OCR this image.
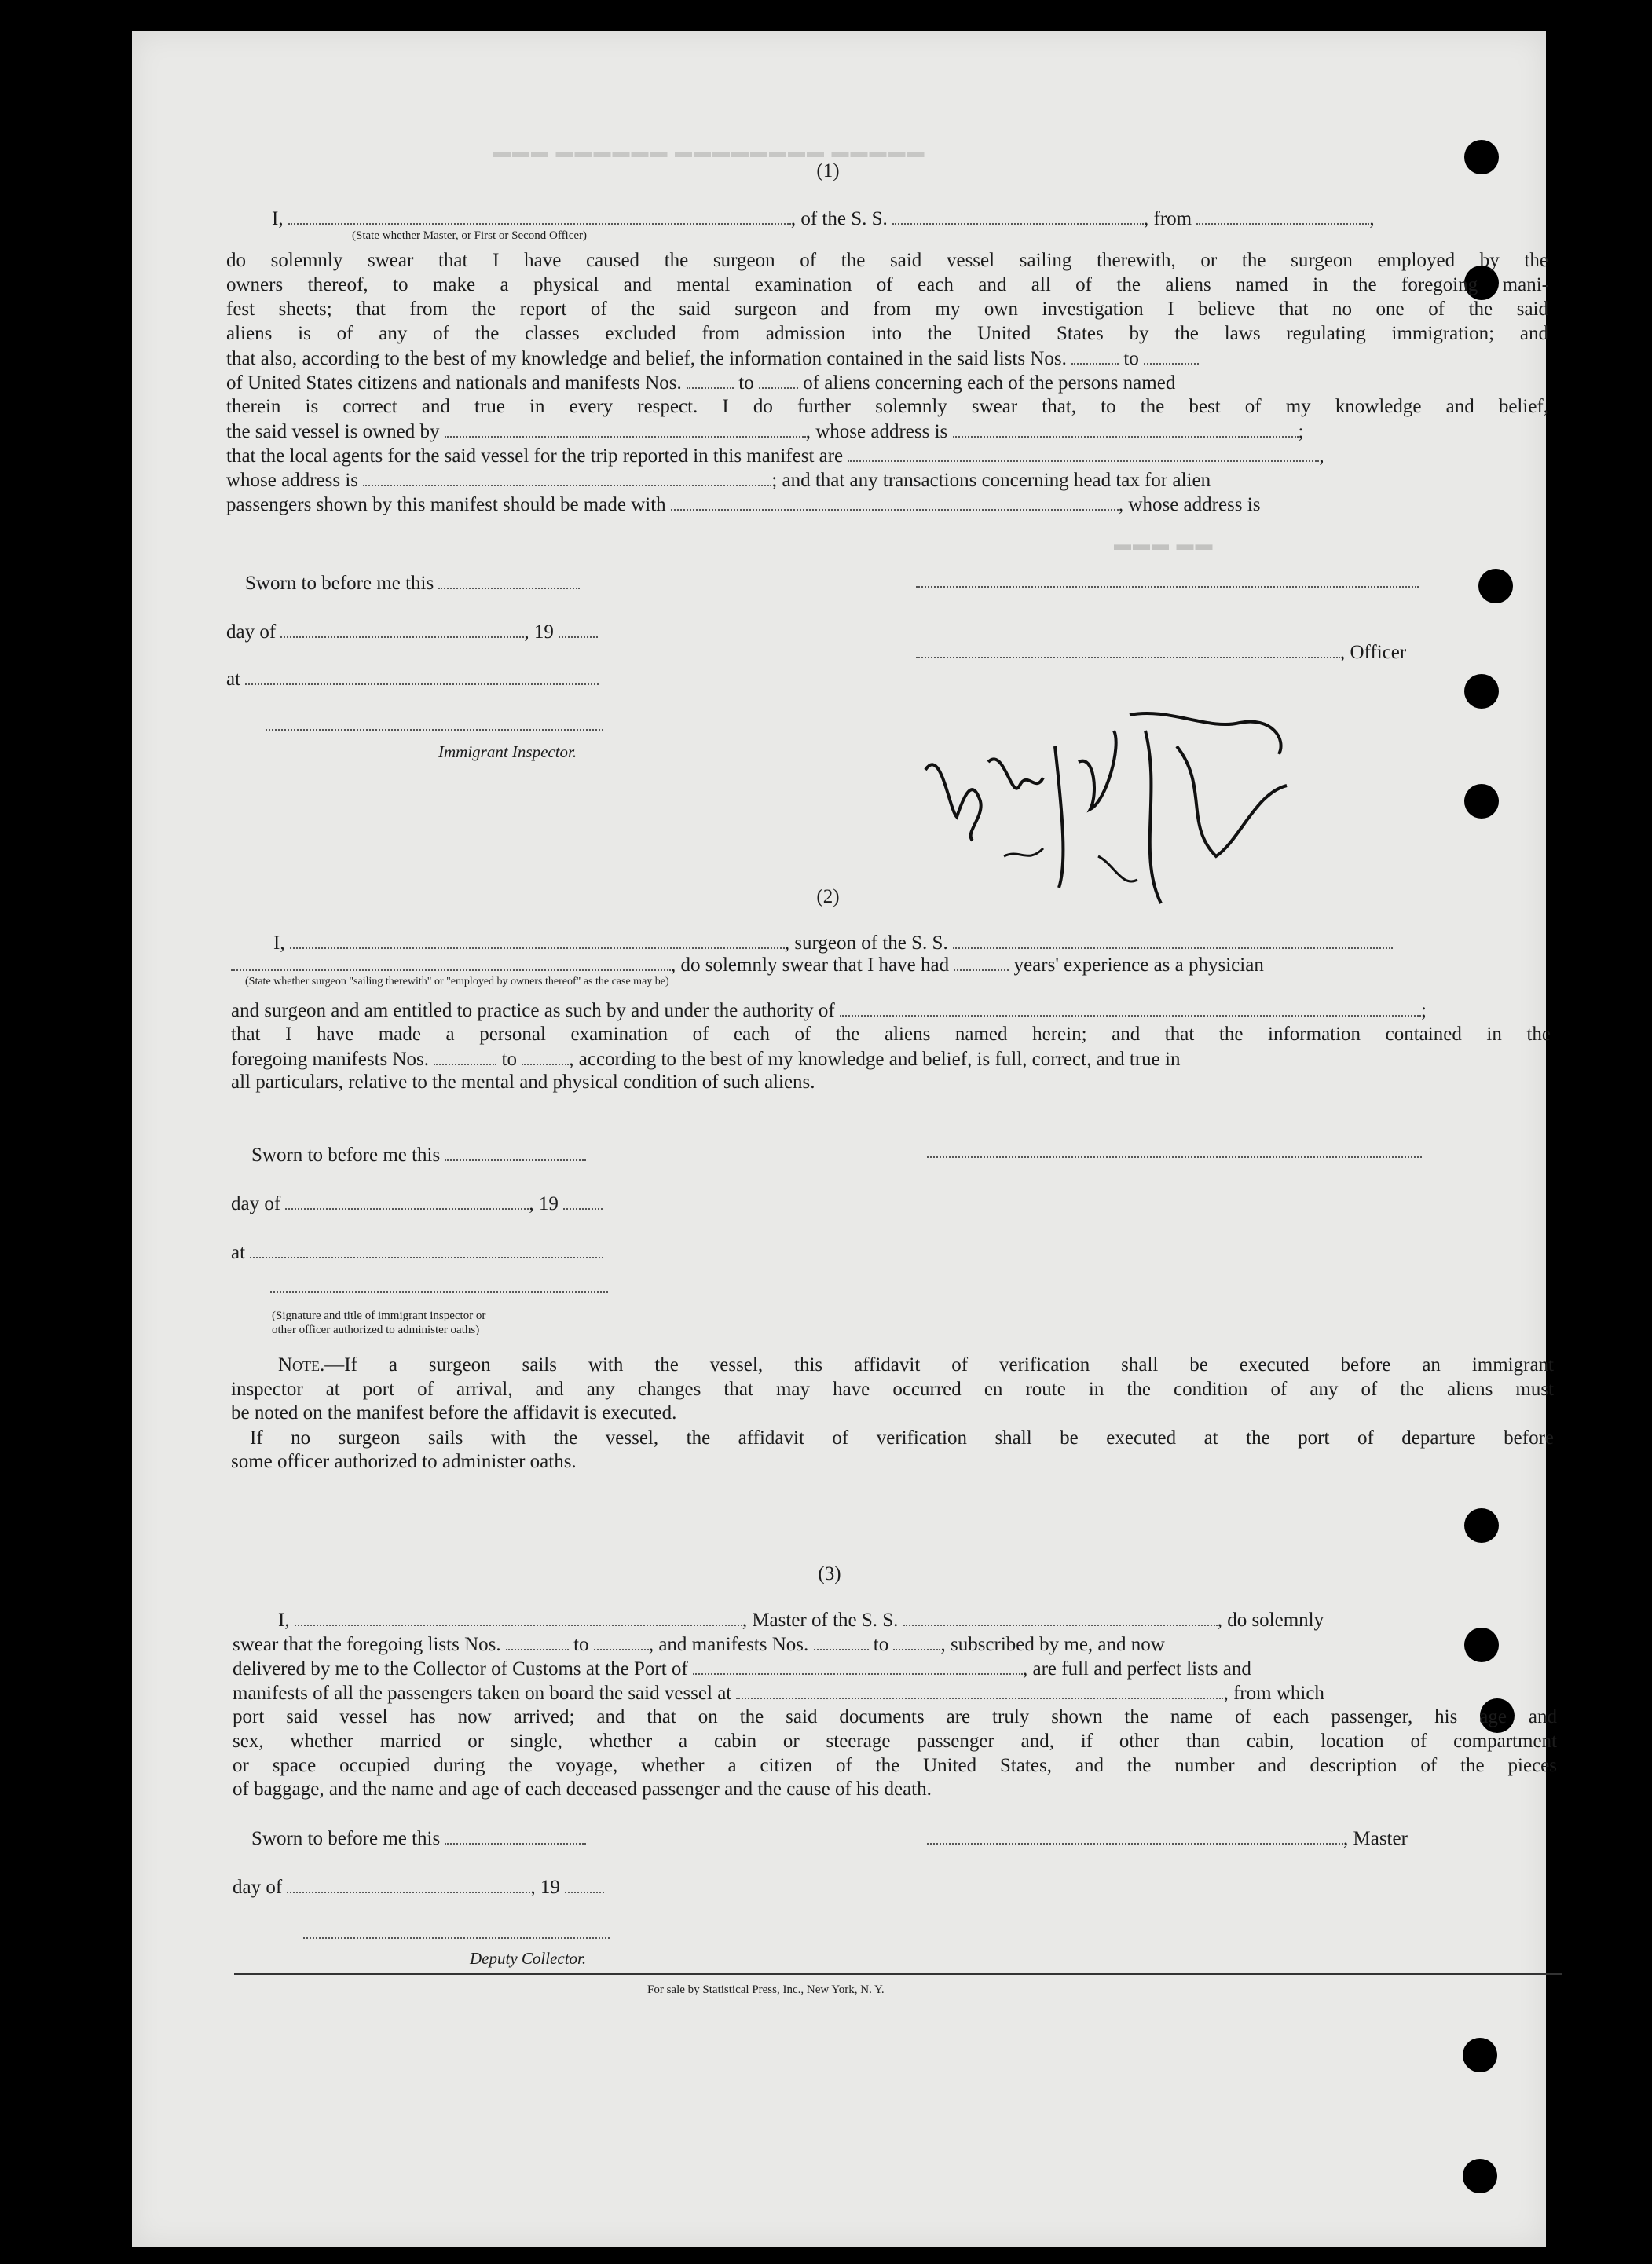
▬▬▬ ▬▬▬▬▬▬ ▬▬▬▬▬▬▬▬ ▬▬▬▬▬
▬▬▬ ▬▬
(1)
I,	, of the S. S.	, from	,
(State whether Master, or First or Second Officer)
do solemnly swear that I have caused the surgeon of the said vessel sailing therewith, or the surgeon employed by the
owners thereof, to make a physical and mental examination of each and all of the aliens named in the foregoing mani-
fest sheets; that from the report of the said surgeon and from my own investigation I believe that no one of the said
aliens is of any of the classes excluded from admission into the United States by the laws regulating immigration; and
that also, according to the best of my knowledge and belief, the information contained in the said lists Nos.	to
of United States citizens and nationals and manifests Nos.	to	of aliens concerning each of the persons named
therein is correct and true in every respect. I do further solemnly swear that, to the best of my knowledge and belief,
the said vessel is owned by	, whose address is	;
that the local agents for the said vessel for the trip reported in this manifest are	,
whose address is	; and that any transactions concerning head tax for alien
passengers shown by this manifest should be made with	, whose address is
Sworn to before me this
day of	, 19
, Officer
at
Immigrant Inspector.
(2)
I,	, surgeon of the S. S.
, do solemnly swear that I have had	years' experience as a physician
(State whether surgeon "sailing therewith" or "employed by owners thereof" as the case may be)
and surgeon and am entitled to practice as such by and under the authority of	;
that I have made a personal examination of each of the aliens named herein; and that the information contained in the
foregoing manifests Nos.	to	, according to the best of my knowledge and belief, is full, correct, and true in
all particulars, relative to the mental and physical condition of such aliens.
Sworn to before me this
day of	, 19
at
(Signature and title of immigrant inspector or
other officer authorized to administer oaths)
Note.—If a surgeon sails with the vessel, this affidavit of verification shall be executed before an immigrant
inspector at port of arrival, and any changes that may have occurred en route in the condition of any of the aliens must
be noted on the manifest before the affidavit is executed.
If no surgeon sails with the vessel, the affidavit of verification shall be executed at the port of departure before
some officer authorized to administer oaths.
(3)
I,	, Master of the S. S.	, do solemnly
swear that the foregoing lists Nos.	to	, and manifests Nos.	to	, subscribed by me, and now
delivered by me to the Collector of Customs at the Port of	, are full and perfect lists and
manifests of all the passengers taken on board the said vessel at	, from which
port said vessel has now arrived; and that on the said documents are truly shown the name of each passenger, his age and
sex, whether married or single, whether a cabin or steerage passenger and, if other than cabin, location of compartment
or space occupied during the voyage, whether a citizen of the United States, and the number and description of the pieces
of baggage, and the name and age of each deceased passenger and the cause of his death.
Sworn to before me this	, Master
day of	, 19
Deputy Collector.
For sale by Statistical Press, Inc., New York, N. Y.
